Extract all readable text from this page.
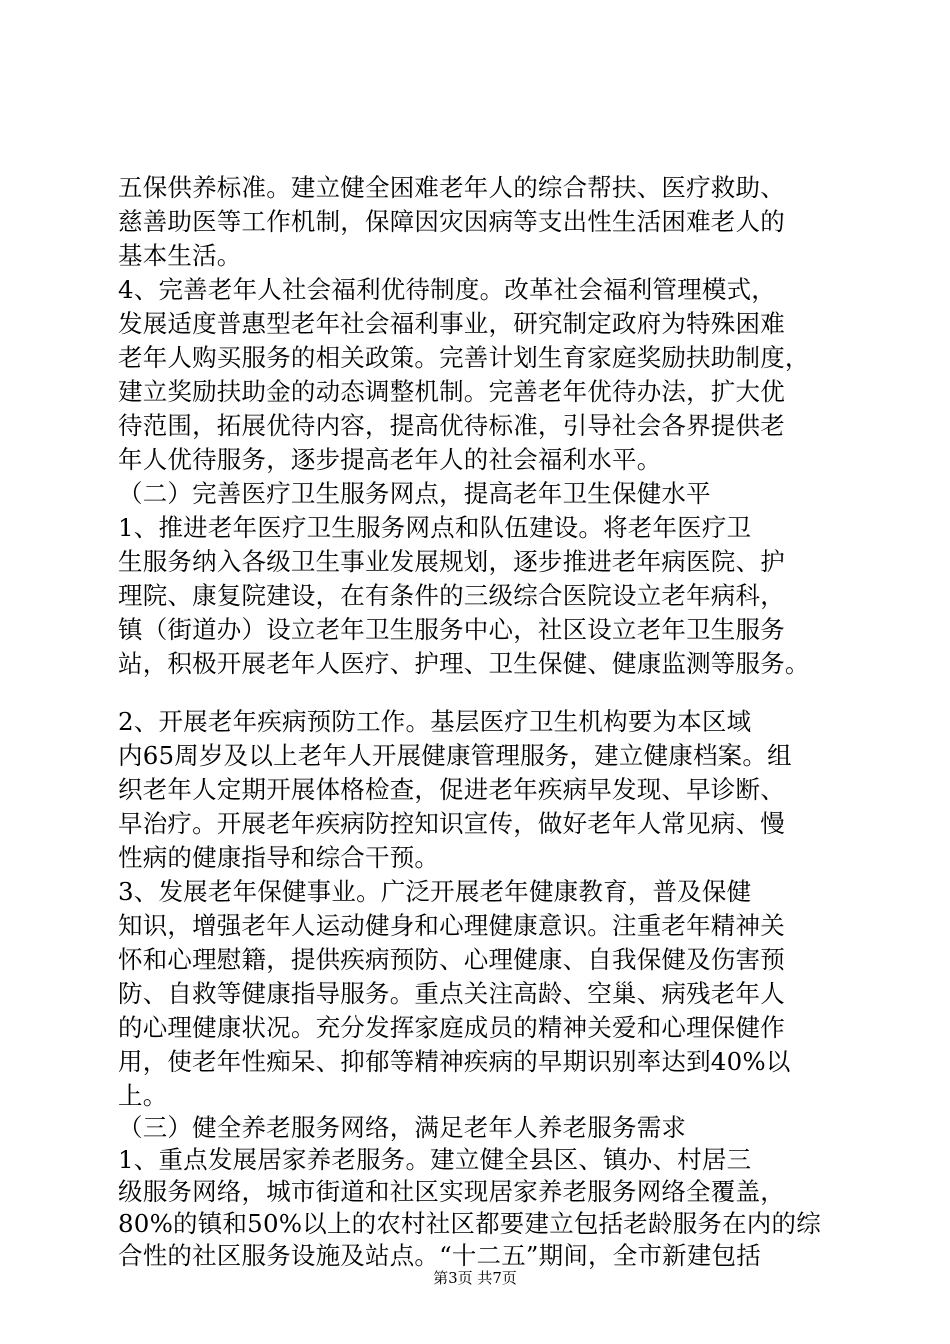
五保供养标准。建立健全困难老年人的综合帮扶、医疗救助、
慈善助医等工作机制，保障因灾因病等支出性生活困难老人的
基本生活。
4、完善老年人社会福利优待制度。改革社会福利管理模式，
发展适度普惠型老年社会福利事业，研究制定政府为特殊困难
老年人购买服务的相关政策。完善计划生育家庭奖励扶助制度，
建立奖励扶助金的动态调整机制。完善老年优待办法，扩大优
待范围，拓展优待内容，提高优待标准，引导社会各界提供老
年人优待服务，逐步提高老年人的社会福利水平。
（二）完善医疗卫生服务网点，提高老年卫生保健水平
1、推进老年医疗卫生服务网点和队伍建设。将老年医疗卫
生服务纳入各级卫生事业发展规划，逐步推进老年病医院、护
理院、康复院建设，在有条件的三级综合医院设立老年病科，
镇（街道办）设立老年卫生服务中心，社区设立老年卫生服务
站，积极开展老年人医疗、护理、卫生保健、健康监测等服务。
2、开展老年疾病预防工作。基层医疗卫生机构要为本区域
内65周岁及以上老年人开展健康管理服务，建立健康档案。组
织老年人定期开展体格检查，促进老年疾病早发现、早诊断、
早治疗。开展老年疾病防控知识宣传，做好老年人常见病、慢
性病的健康指导和综合干预。
3、发展老年保健事业。广泛开展老年健康教育，普及保健
知识，增强老年人运动健身和心理健康意识。注重老年精神关
怀和心理慰籍，提供疾病预防、心理健康、自我保健及伤害预
防、自救等健康指导服务。重点关注高龄、空巢、病残老年人
的心理健康状况。充分发挥家庭成员的精神关爱和心理保健作
用，使老年性痴呆、抑郁等精神疾病的早期识别率达到40%以
上。
（三）健全养老服务网络，满足老年人养老服务需求
1、重点发展居家养老服务。建立健全县区、镇办、村居三
级服务网络，城市街道和社区实现居家养老服务网络全覆盖，
80%的镇和50%以上的农村社区都要建立包括老龄服务在内的综
合性的社区服务设施及站点。“十二五”期间，全市新建包括
第3页 共7页
